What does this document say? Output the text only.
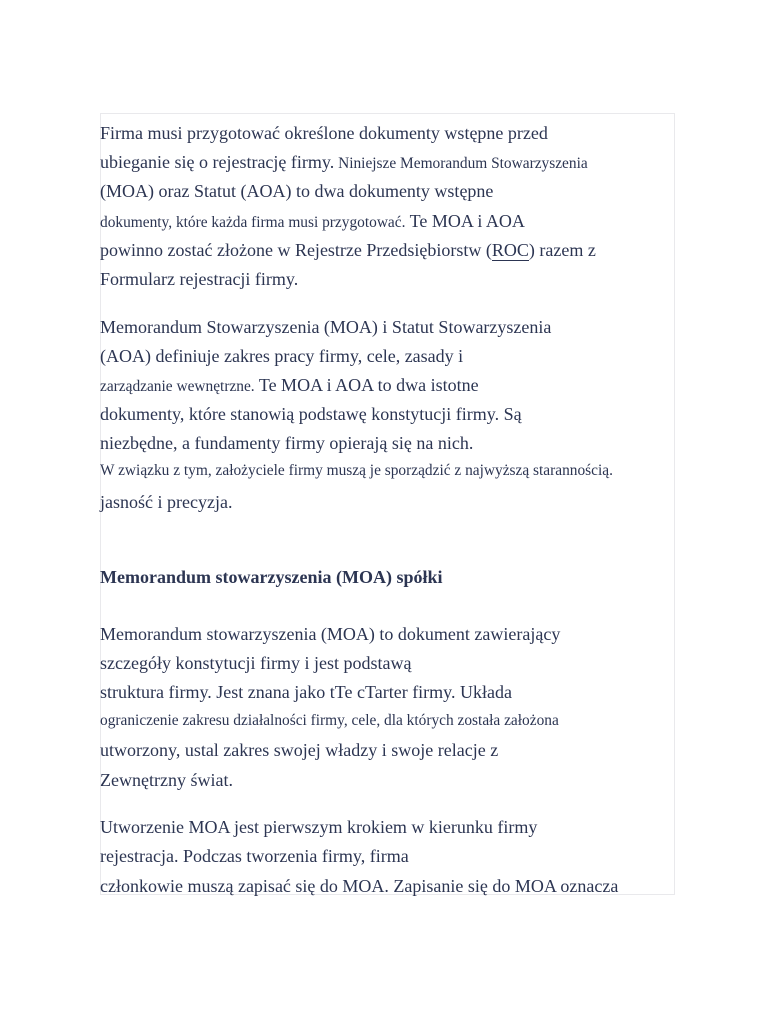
Firma musi przygotować określone dokumenty wstępne przed
ubieganie się o rejestrację firmy. Niniejsze Memorandum Stowarzyszenia
(MOA) oraz Statut (AOA) to dwa dokumenty wstępne
dokumenty, które każda firma musi przygotować. Te MOA i AOA
powinno zostać złożone w Rejestrze Przedsiębiorstw (ROC) razem z
Formularz rejestracji firmy.
Memorandum Stowarzyszenia (MOA) i Statut Stowarzyszenia
(AOA) definiuje zakres pracy firmy, cele, zasady i
zarządzanie wewnętrzne. Te MOA i AOA to dwa istotne
dokumenty, które stanowią podstawę konstytucji firmy. Są
niezbędne, a fundamenty firmy opierają się na nich.
W związku z tym, założyciele firmy muszą je sporządzić z najwyższą starannością.
jasność i precyzja.
Memorandum stowarzyszenia (MOA) spółki
Memorandum stowarzyszenia (MOA) to dokument zawierający
szczegóły konstytucji firmy i jest podstawą
struktura firmy. Jest znana jako tTe cTarter firmy. Układa
ograniczenie zakresu działalności firmy, cele, dla których została założona
utworzony, ustal zakres swojej władzy i swoje relacje z
Zewnętrzny świat.
Utworzenie MOA jest pierwszym krokiem w kierunku firmy
rejestracja. Podczas tworzenia firmy, firma
członkowie muszą zapisać się do MOA. Zapisanie się do MOA oznacza
